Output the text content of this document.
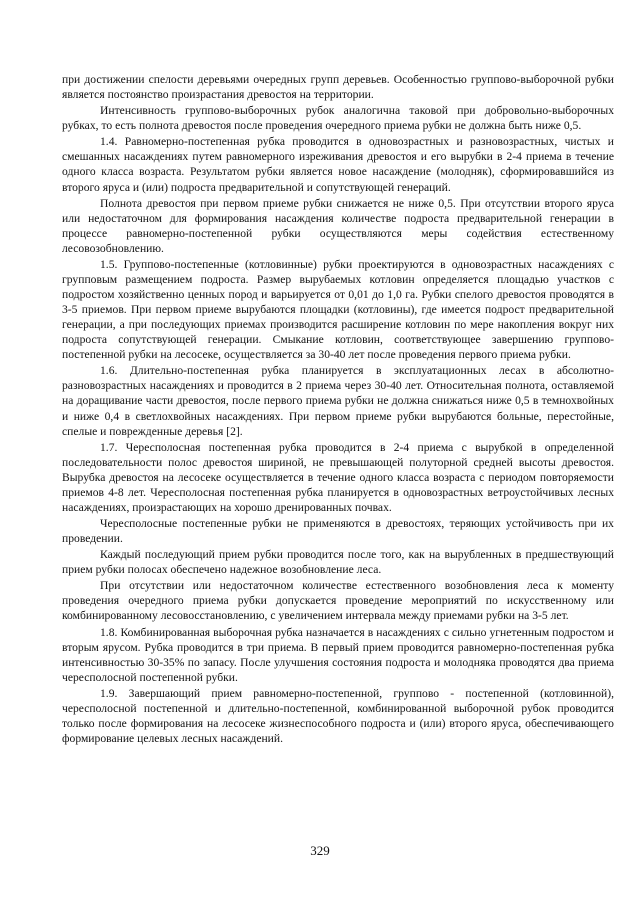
при достижении спелости деревьями очередных групп деревьев. Особенностью группово-выборочной рубки является постоянство произрастания древостоя на территории.

Интенсивность группово-выборочных рубок аналогична таковой при добровольно-выборочных рубках, то есть полнота древостоя после проведения очередного приема рубки не должна быть ниже 0,5.

1.4. Равномерно-постепенная рубка проводится в одновозрастных и разновозрастных, чистых и смешанных насаждениях путем равномерного изреживания древостоя и его вырубки в 2-4 приема в течение одного класса возраста. Результатом рубки является новое насаждение (молодняк), сформировавшийся из второго яруса и (или) подроста предварительной и сопутствующей генераций.

Полнота древостоя при первом приеме рубки снижается не ниже 0,5. При отсутствии второго яруса или недостаточном для формирования насаждения количестве подроста предварительной генерации в процессе равномерно-постепенной рубки осуществляются меры содействия естественному лесовозобновлению.

1.5. Группово-постепенные (котловинные) рубки проектируются в одновозрастных насаждениях с групповым размещением подроста. Размер вырубаемых котловин определяется площадью участков с подростом хозяйственно ценных пород и варьируется от 0,01 до 1,0 га. Рубки спелого древостоя проводятся в 3-5 приемов. При первом приеме вырубаются площадки (котловины), где имеется подрост предварительной генерации, а при последующих приемах производится расширение котловин по мере накопления вокруг них подроста сопутствующей генерации. Смыкание котловин, соответствующее завершению группово-постепенной рубки на лесосеке, осуществляется за 30-40 лет после проведения первого приема рубки.

1.6. Длительно-постепенная рубка планируется в эксплуатационных лесах в абсолютно-разновозрастных насаждениях и проводится в 2 приема через 30-40 лет. Относительная полнота, оставляемой на доращивание части древостоя, после первого приема рубки не должна снижаться ниже 0,5 в темнохвойных и ниже 0,4 в светлохвойных насаждениях. При первом приеме рубки вырубаются больные, перестойные, спелые и поврежденные деревья [2].

1.7. Чересполосная постепенная рубка проводится в 2-4 приема с вырубкой в определенной последовательности полос древостоя шириной, не превышающей полуторной средней высоты древостоя. Вырубка древостоя на лесосеке осуществляется в течение одного класса возраста с периодом повторяемости приемов 4-8 лет. Чересполосная постепенная рубка планируется в одновозрастных ветроустойчивых лесных насаждениях, произрастающих на хорошо дренированных почвах.

Чересполосные постепенные рубки не применяются в древостоях, теряющих устойчивость при их проведении.

Каждый последующий прием рубки проводится после того, как на вырубленных в предшествующий прием рубки полосах обеспечено надежное возобновление леса.

При отсутствии или недостаточном количестве естественного возобновления леса к моменту проведения очередного приема рубки допускается проведение мероприятий по искусственному или комбинированному лесовосстановлению, с увеличением интервала между приемами рубки на 3-5 лет.

1.8. Комбинированная выборочная рубка назначается в насаждениях с сильно угнетенным подростом и вторым ярусом. Рубка проводится в три приема. В первый прием проводится равномерно-постепенная рубка интенсивностью 30-35% по запасу. После улучшения состояния подроста и молодняка проводятся два приема чересполосной постепенной рубки.

1.9. Завершающий прием равномерно-постепенной, группово - постепенной (котловинной), чересполосной постепенной и длительно-постепенной, комбинированной выборочной рубок проводится только после формирования на лесосеке жизнеспособного подроста и (или) второго яруса, обеспечивающего формирование целевых лесных насаждений.

329
